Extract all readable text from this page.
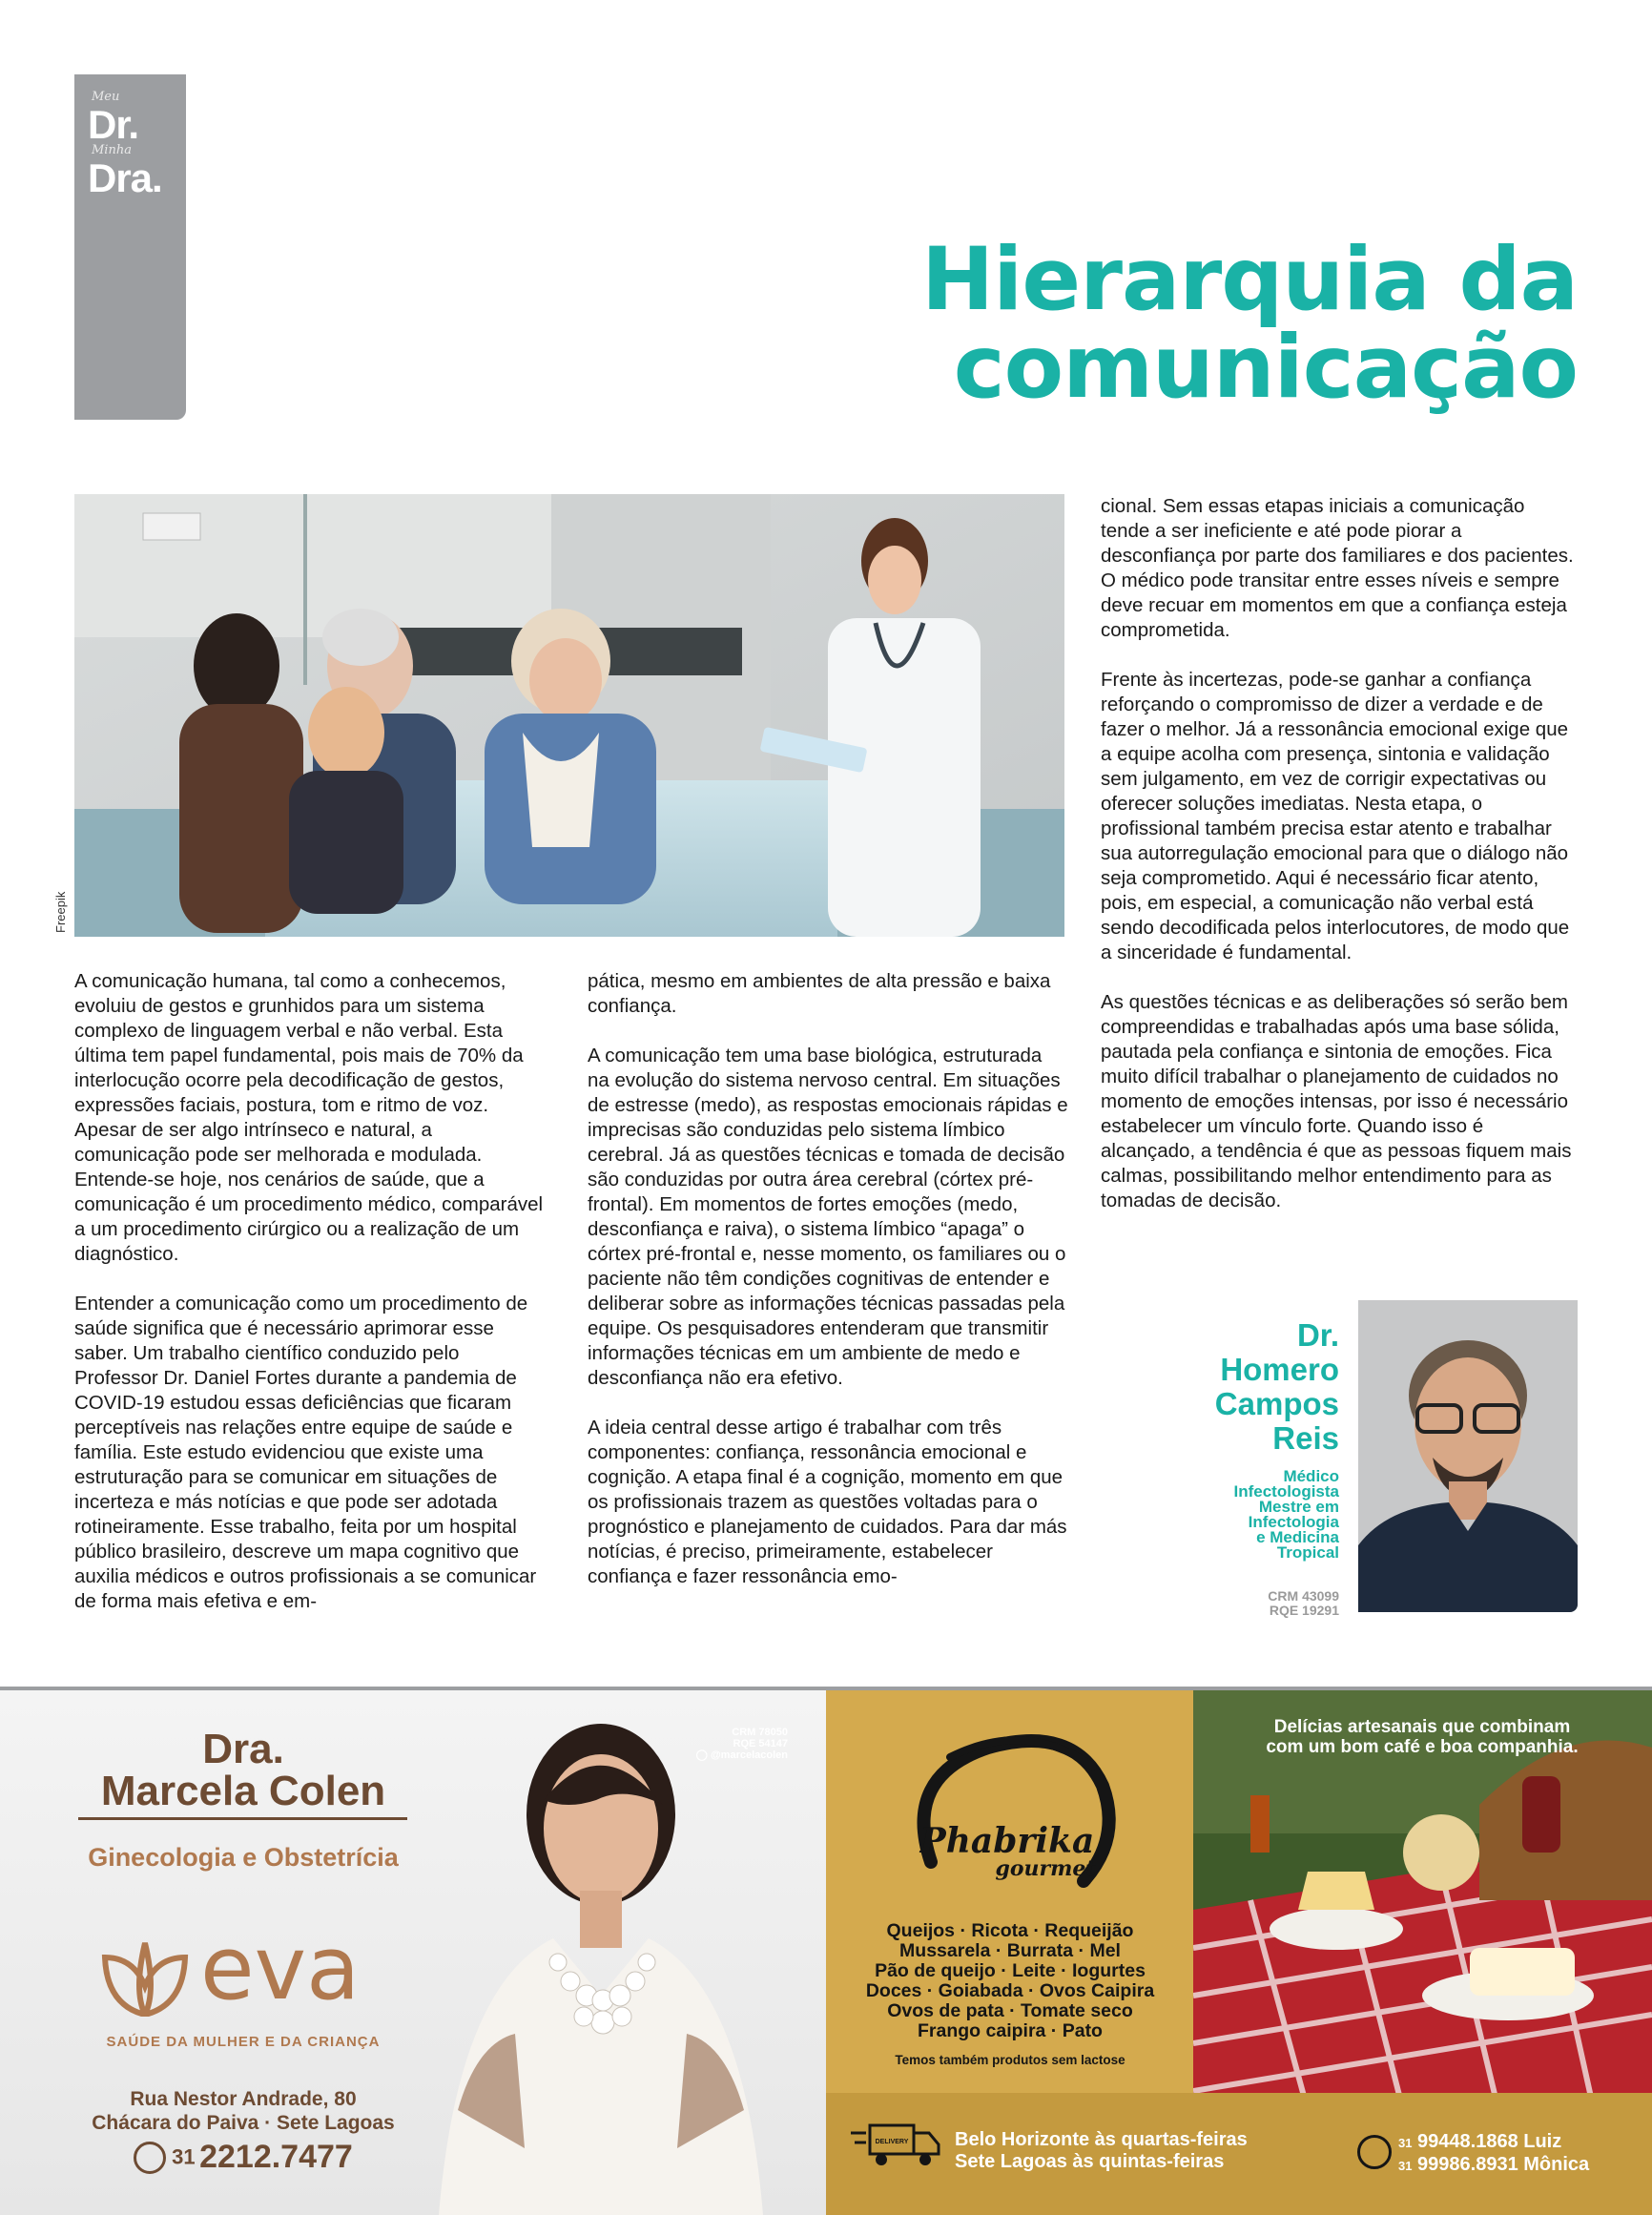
Meu
Dr.
Minha
Dra.
Hierarquia da
comunicação
Freepik

A comunicação humana, tal como a conhecemos, evoluiu de gestos e grunhidos para um sistema complexo de linguagem verbal e não verbal. Esta última tem papel fundamental, pois mais de 70% da interlocução ocorre pela decodificação de gestos, expressões faciais, postura, tom e ritmo de voz. Apesar de ser algo intrínseco e natural, a comunicação pode ser melhorada e modulada. Entende-se hoje, nos cenários de saúde, que a comunicação é um procedimento médico, comparável a um procedimento cirúrgico ou a realização de um diagnóstico.

Entender a comunicação como um procedimento de saúde significa que é necessário aprimorar esse saber. Um trabalho científico conduzido pelo Professor Dr. Daniel Fortes durante a pandemia de COVID-19 estudou essas deficiências que ficaram perceptíveis nas relações entre equipe de saúde e família. Este estudo evidenciou que existe uma estruturação para se comunicar em situações de incerteza e más notícias e que pode ser adotada rotineiramente. Esse trabalho, feita por um hospital público brasileiro, descreve um mapa cognitivo que auxilia médicos e outros profissionais a se comunicar de forma mais efetiva e em-

pática, mesmo em ambientes de alta pressão e baixa confiança.

A comunicação tem uma base biológica, estruturada na evolução do sistema nervoso central. Em situações de estresse (medo), as respostas emocionais rápidas e imprecisas são conduzidas pelo sistema límbico cerebral. Já as questões técnicas e tomada de decisão são conduzidas por outra área cerebral (córtex pré-frontal). Em momentos de fortes emoções (medo, desconfiança e raiva), o sistema límbico “apaga” o córtex pré-frontal e, nesse momento, os familiares ou o paciente não têm condições cognitivas de entender e deliberar sobre as informações técnicas passadas pela equipe. Os pesquisadores entenderam que transmitir informações técnicas em um ambiente de medo e desconfiança não era efetivo.

A ideia central desse artigo é trabalhar com três componentes: confiança, ressonância emocional e cognição. A etapa final é a cognição, momento em que os profissionais trazem as questões voltadas para o prognóstico e planejamento de cuidados. Para dar más notícias, é preciso, primeiramente, estabelecer confiança e fazer ressonância emo-

cional. Sem essas etapas iniciais a comunicação tende a ser ineficiente e até pode piorar a desconfiança por parte dos familiares e dos pacientes. O médico pode transitar entre esses níveis e sempre deve recuar em momentos em que a confiança esteja comprometida.

Frente às incertezas, pode-se ganhar a confiança reforçando o compromisso de dizer a verdade e de fazer o melhor. Já a ressonância emocional exige que a equipe acolha com presença, sintonia e validação sem julgamento, em vez de corrigir expectativas ou oferecer soluções imediatas. Nesta etapa, o profissional também precisa estar atento e trabalhar sua autorregulação emocional para que o diálogo não seja comprometido. Aqui é necessário ficar atento, pois, em especial, a comunicação não verbal está sendo decodificada pelos interlocutores, de modo que a sinceridade é fundamental.

As questões técnicas e as deliberações só serão bem compreendidas e trabalhadas após uma base sólida, pautada pela confiança e sintonia de emoções. Fica muito difícil trabalhar o planejamento de cuidados no momento de emoções intensas, por isso é necessário estabelecer um vínculo forte. Quando isso é alcançado, a tendência é que as pessoas fiquem mais calmas, possibilitando melhor entendimento para as tomadas de decisão.

Dr.
Homero
Campos
Reis
Médico
Infectologista
Mestre em
Infectologia
e Medicina
Tropical
CRM 43099
RQE 19291
Dra.
Marcela Colen
Ginecologia e Obstetrícia
CRM 78050
RQE 54147
◯ @marcelacolen
eva
SAÚDE DA MULHER E DA CRIANÇA
Rua Nestor Andrade, 80
Chácara do Paiva · Sete Lagoas
31 2212.7477
Delícias artesanais que combinam
com um bom café e boa companhia.
Phabrika
gourmet
Queijos · Ricota · Requeijão
Mussarela · Burrata · Mel
Pão de queijo · Leite · Iogurtes
Doces · Goiabada · Ovos Caipira
Ovos de pata · Tomate seco
Frango caipira · Pato
Temos também produtos sem lactose
DELIVERY Belo Horizonte às quartas-feiras
Sete Lagoas às quintas-feiras
31 99448.1868 Luiz
31 99986.8931 Mônica
